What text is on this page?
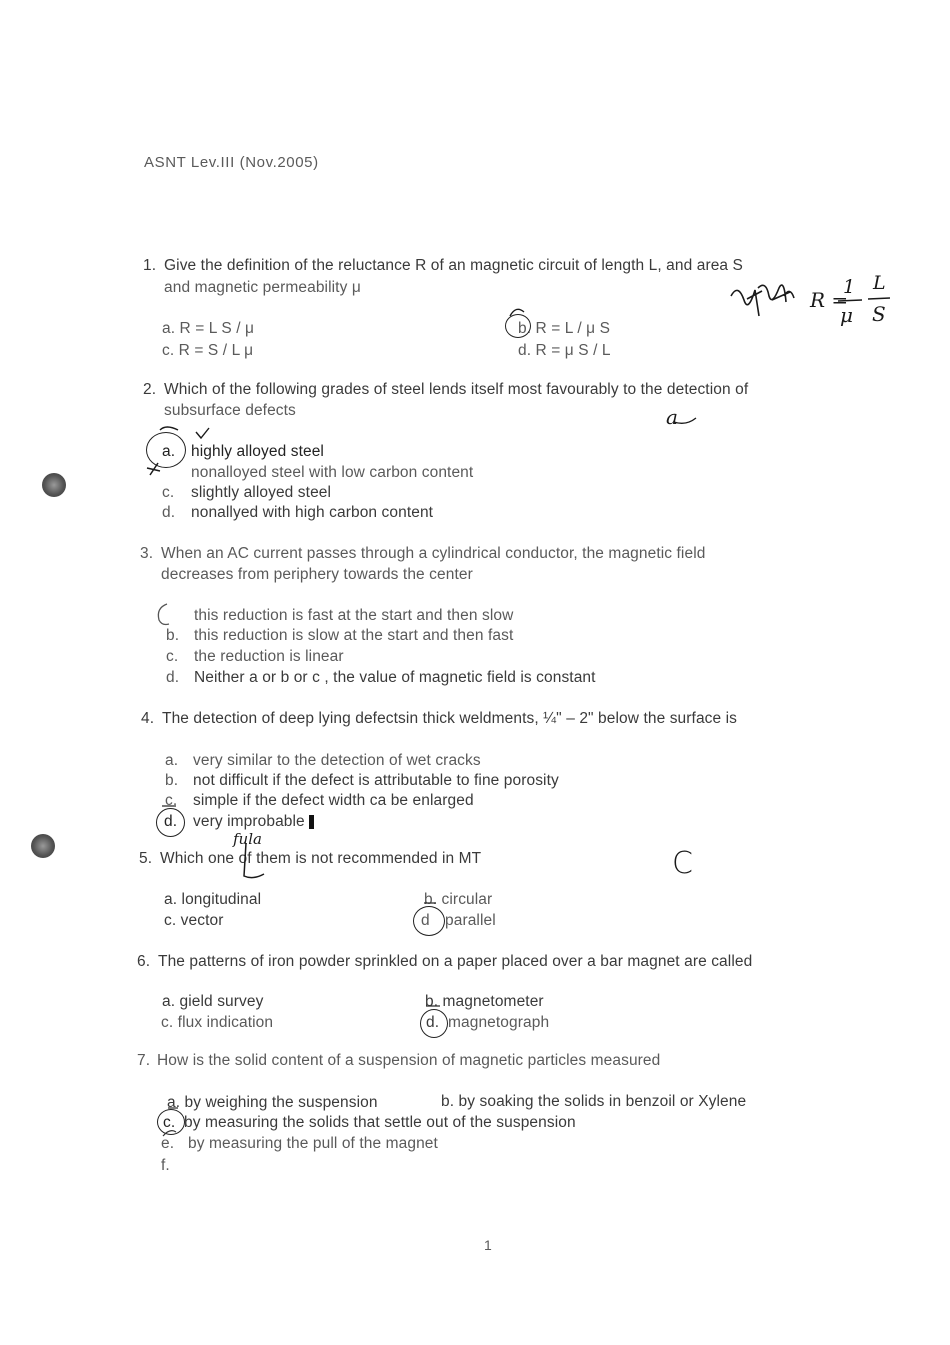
ASNT Lev.III (Nov.2005)
1. Give the definition of the reluctance R of an magnetic circuit of length L, and area S
and magnetic permeability μ
a. R = L S / μ	b. R = L / μ S
c. R = S / L μ	d. R = μ S / L
R =
1
μ
L
S
2. Which of the following grades of steel lends itself most favourably to the detection of
subsurface defects	a
a. highly alloyed steel
nonalloyed steel with low carbon content
c. slightly alloyed steel
d. nonallyed with high carbon content
3. When an AC current passes through a cylindrical conductor, the magnetic field
decreases from periphery towards the center
this reduction is fast at the start and then slow
b. this reduction is slow at the start and then fast
c. the reduction is linear
d. Neither a or b or c , the value of magnetic field is constant
4. The detection of deep lying defectsin thick weldments, ¼" – 2" below the surface is
a. very similar to the detection of wet cracks
b. not difficult if the defect is attributable to fine porosity
c. simple if the defect width ca be enlarged
d. very improbable
5. Which one of them is not recommended in MT
fula
C
a. longitudinal	b. circular
c. vector	d parallel
6. The patterns of iron powder sprinkled on a paper placed over a bar magnet are called
a. gield survey	b. magnetometer
c. flux indication	d. magnetograph
7. How is the solid content of a suspension of magnetic particles measured
a. by weighing the suspension	b. by soaking the solids in benzoil or Xylene
c. by measuring the solids that settle out of the suspension
e. by measuring the pull of the magnet
f.
1
